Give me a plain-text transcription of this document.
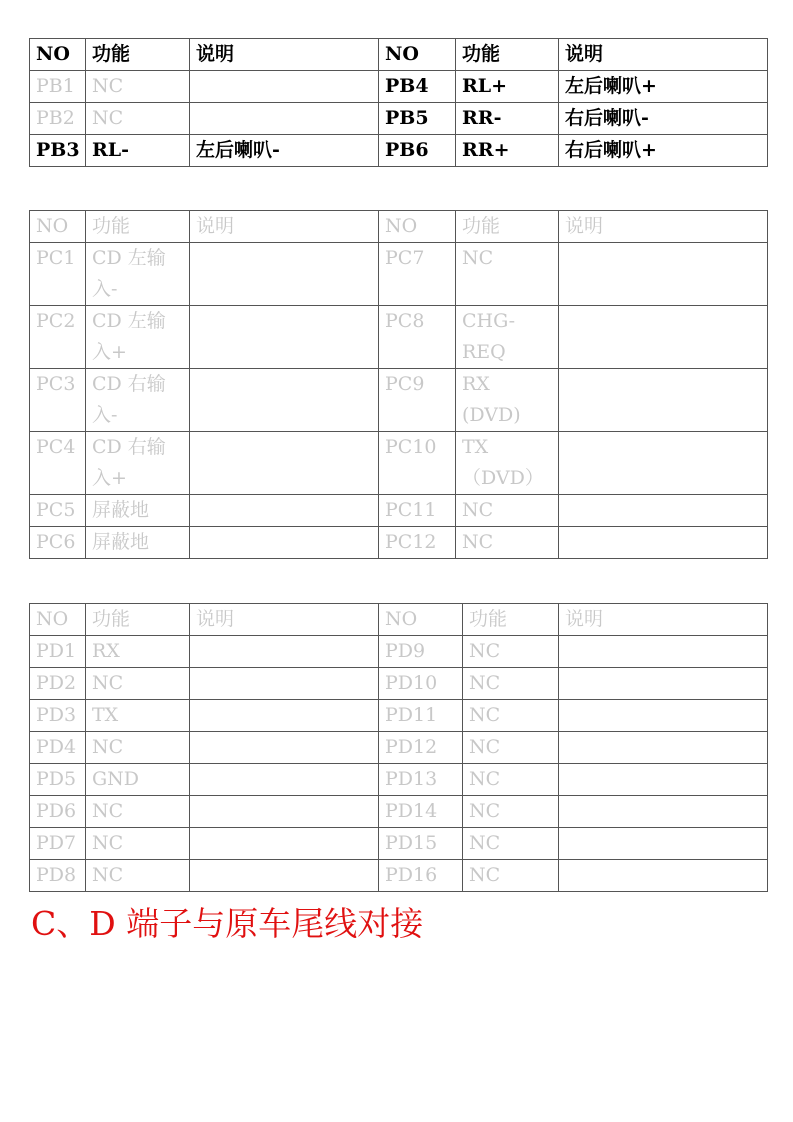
NO	功能	说明	NO	功能	说明
PB1	NC		PB4	RL+	左后喇叭+
PB2	NC		PB5	RR-	右后喇叭-
PB3	RL-	左后喇叭-	PB6	RR+	右后喇叭+
NO	功能	说明	NO	功能	说明
PC1	CD 左输入-		PC7	NC	
PC2	CD 左输入+		PC8	CHG-REQ	
PC3	CD 右输入-		PC9	RX (DVD)	
PC4	CD 右输入+		PC10	TX （DVD）	
PC5	屏蔽地		PC11	NC	
PC6	屏蔽地		PC12	NC	
NO	功能	说明	NO	功能	说明
PD1	RX		PD9	NC	
PD2	NC		PD10	NC	
PD3	TX		PD11	NC	
PD4	NC		PD12	NC	
PD5	GND		PD13	NC	
PD6	NC		PD14	NC	
PD7	NC		PD15	NC	
PD8	NC		PD16	NC	
C、D 端子与原车尾线对接
